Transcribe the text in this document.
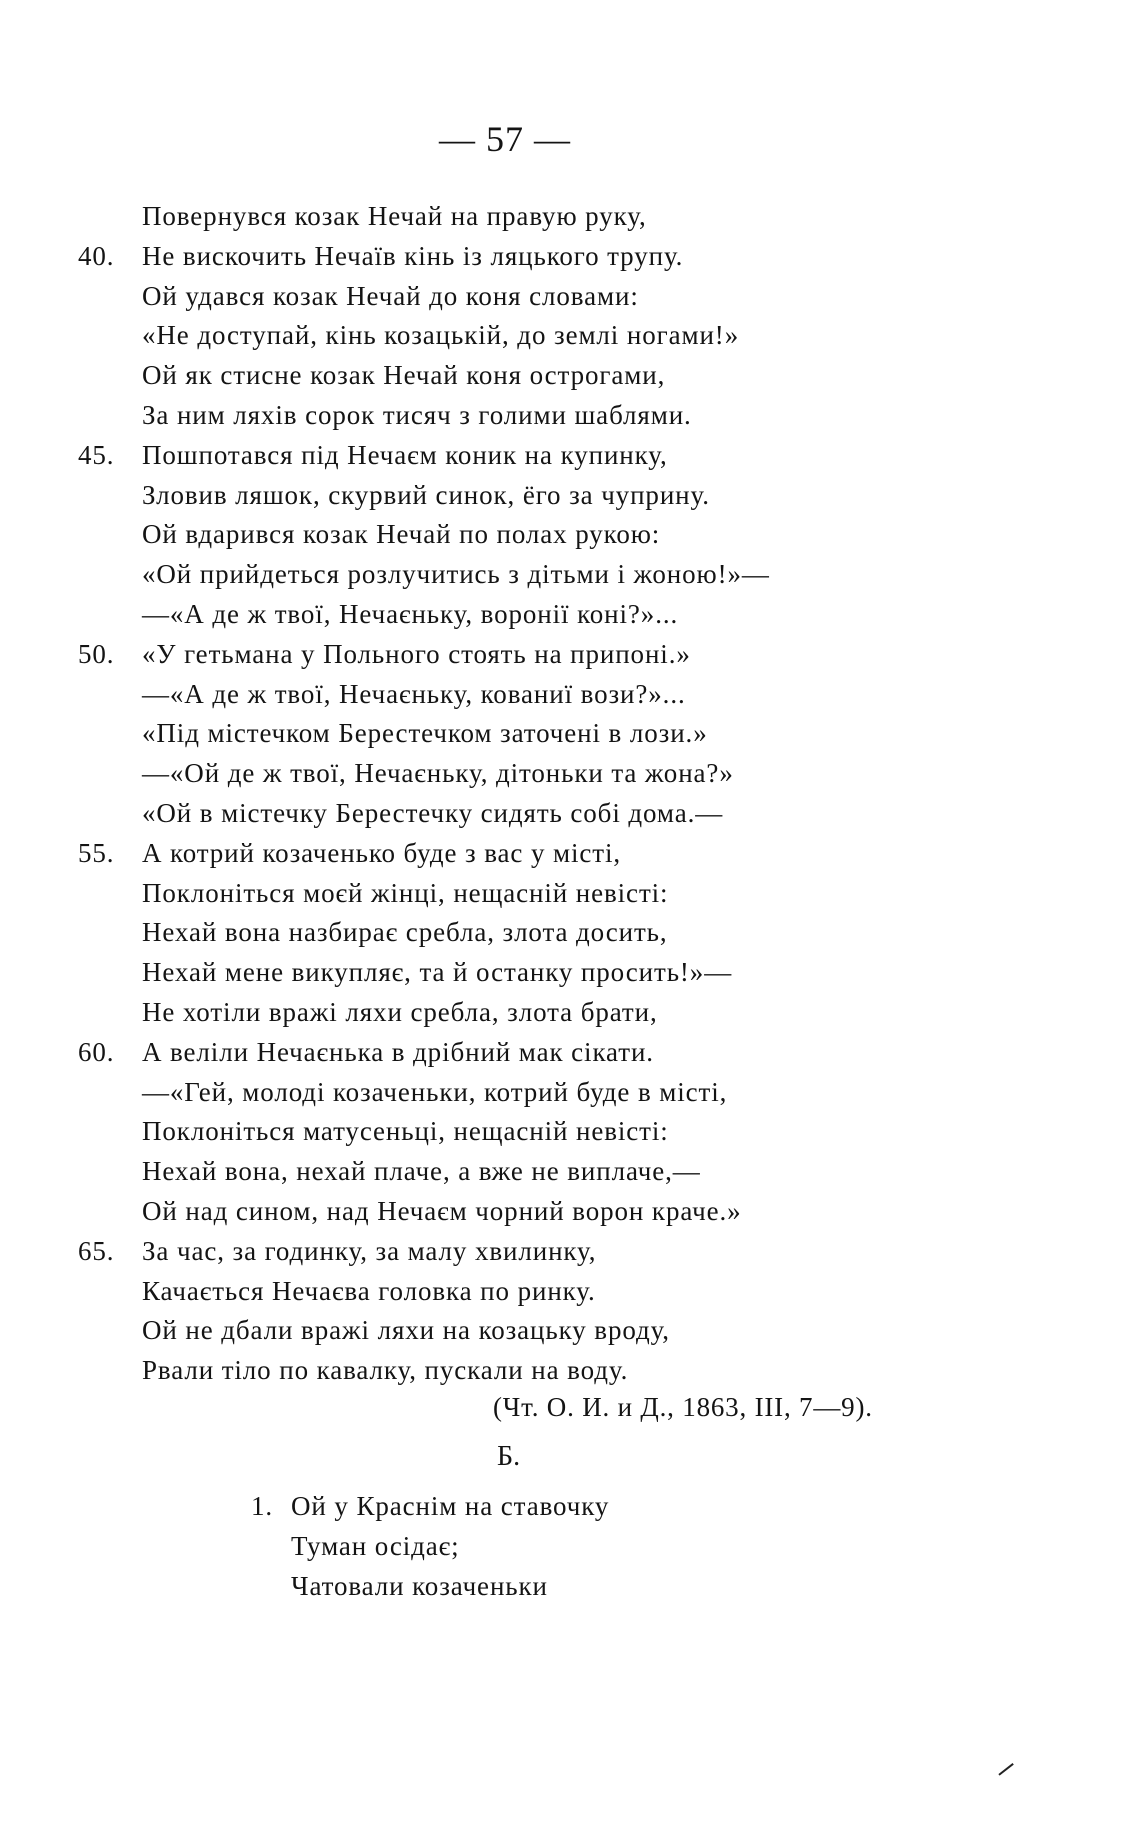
— 57 —
Повернувся козак Нечай на правую руку,
40.	Не вискочить Нечаїв кінь із ляцького трупу.
Ой удався козак Нечай до коня словами:
«Не доступай, кінь козацькій, до землі ногами!»
Ой як стисне козак Нечай коня острогами,
За ним ляхів сорок тисяч з голими шаблями.
45.	Пошпотався під Нечаєм коник на купинку,
Зловив ляшок, скурвий синок, ёго за чуприну.
Ой вдарився козак Нечай по полах рукою:
«Ой прийдеться розлучитись з дітьми і жоною!»—
—«А де ж твої, Нечаєньку, воронії коні?»...
50.	«У гетьмана у Польного стоять на припоні.»
—«А де ж твої, Нечаєньку, кованиї вози?»...
«Під містечком Берестечком заточені в лози.»
—«Ой де ж твої, Нечаєньку, дітоньки та жона?»
«Ой в містечку Берестечку сидять собі дома.—
55.	А котрий козаченько буде з вас у місті,
Поклоніться моєй жінці, нещасній невісті:
Нехай вона назбирає сребла, злота досить,
Нехай мене викупляє, та й останку просить!»—
Не хотіли вражі ляхи сребла, злота брати,
60.	А веліли Нечаєнька в дрібний мак сікати.
—«Гей, молоді козаченьки, котрий буде в місті,
Поклоніться матусеньці, нещасній невісті:
Нехай вона, нехай плаче, а вже не виплаче,—
Ой над сином, над Нечаєм чорний ворон краче.»
65.	За час, за годинку, за малу хвилинку,
Качається Нечаєва головка по ринку.
Ой не дбали вражі ляхи на козацьку вроду,
Рвали тіло по кавалку, пускали на воду.
(Чт. О. И. и Д., 1863, III, 7—9).
Б.
1. Ой у Краснім на ставочку
Туман осідає;
Чатовали козаченьки
